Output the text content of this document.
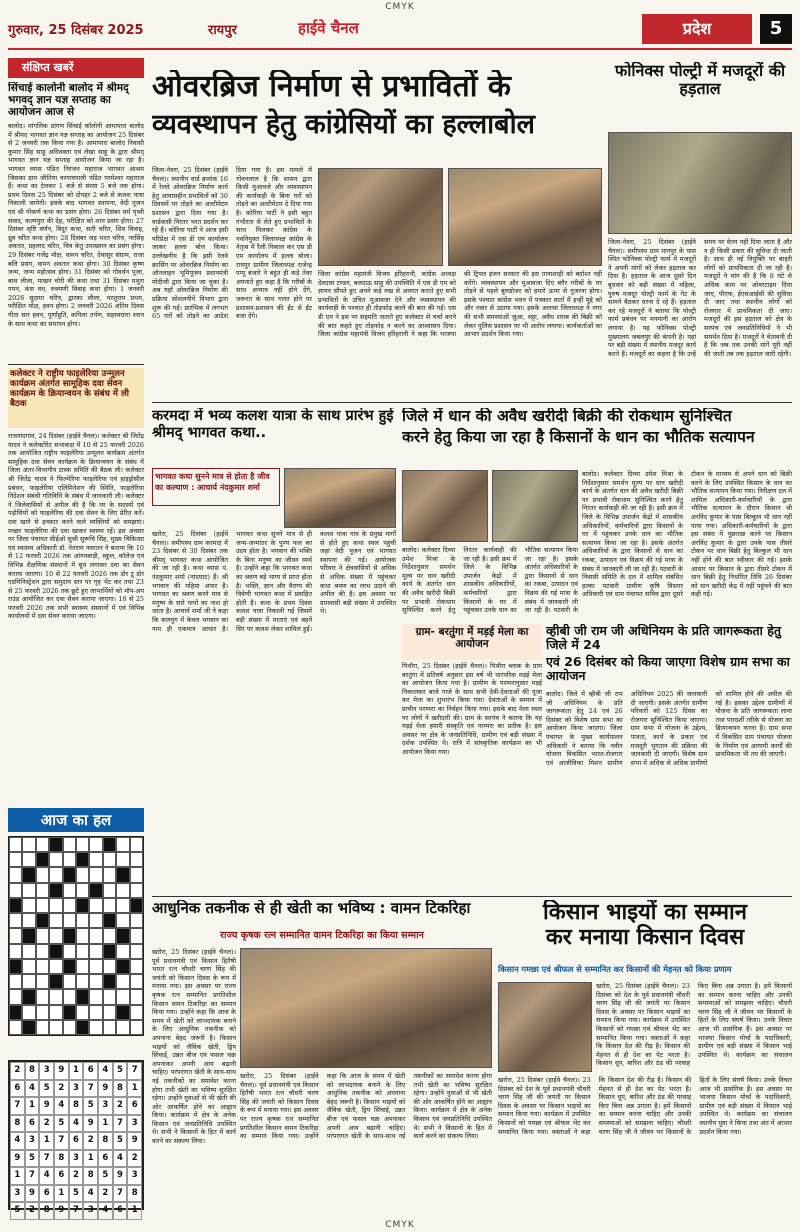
CMYK
गुरुवार, 25 दिसंबर 2025	रायपुर	हाईवे चैनल	प्रदेश	5
संक्षिप्त खबरें
सिंचाई कालोनी बालोद में श्रीमद् भगवद् ज्ञान यज्ञ सप्ताह का आयोजन आज से
बालोद। मांगलिक प्रांगण सिंचाई कॉलोनी आमापारा बालोद में श्रीमद भागवत ज्ञान यज्ञ सप्ताह का आयोजन 25 दिसंबर से 2 जनवरी तक किया गया है। आमापारा बालोद निवासी कुमार सिंह साहू अधिवक्ता एवं लेखा साहू के द्वारा श्रीमद् भागवत ज्ञान यज्ञ सप्ताह आयोजन किया जा रहा है। भागवत व्यास पंडित निरंजन महाराज भागवत आश्रम जिसका ग्राम जीतिया वरगावपाली पंडित परमेश्वर महाराज हैं। कथा का टेलकर 1 बजे से संध्या 5 बजे तक होगा। प्रथम दिवस 25 दिसंबर को दोपहर 2 बजे से कलश यात्रा निकाली जायेगी। इसके बाद भागवत स्थापना, वेदी पूजन एवं श्री गोकर्ण कथा का प्रसंग होगा। 26 दिसंबर धर्म पृथ्वी संवाद, कल्पपुरा की देह, परीक्षित को शाप प्रसंग होगा। 27 दिसंबर सृष्टि वर्णन, विदुर कथा, सती चरित, शिव विवाह, ध्रुव चरित कथा होगा। 28 दिसंबर जड़ भरत चरित्र, नरसिंह अवतार, प्रहलाद चरित, चित्र केतु उपाख्यान का प्रसंग होगा। 29 दिसंबर गजेंद्र मोक्ष, वामन चरित, देवासुर संग्राम, राजा बलि प्रसंग, वामन अवतार कथा होगा। 30 दिसंबर कृष्ण जन्म, जन्म महोत्सव होगा। 31 दिसंबर को गोवर्धन पूजा, बाल लीला, माखन चोरी की कथा तथा 31 दिसंबर मथुरा गमन, कंस वध, रुक्मणी विवाह कथा होगा। 1 जनवरी 2026 सुदामा चरित्र, द्वारका लीला, परशुराम प्रथम, परीक्षित मोक्ष, हवन होगा। 2 जनवरी 2026 अंतिम दिवस गीता सार हवन, पूर्णाहुति, कपिला तर्पण, सहस्त्रधारा स्नान के साथ कथा का समापन होगा।
कलेक्टर ने राष्ट्रीय फाइलेरिया उन्मूलन कार्यक्रम अंतर्गत सामूहिक दवा सेवन कार्यक्रम के क्रियान्वयन के संबंध में ली बैठक
राजनांदगांव, 24 दिसंबर (हाईवे चैनल)। कलेक्टर श्री जितेंद्र यादव ने कलेक्टोरेट सभाकक्ष में 10 से 25 फरवरी 2026 तक आयोजित राष्ट्रीय फाइलेरिया उन्मूलन कार्यक्रम अंतर्गत सामूहिक दवा सेवन कार्यक्रम के क्रियान्वयन के संबंध में जिला अंतर-विभागीय टास्क समिति की बैठक ली। कलेक्टर श्री जितेंद्र यादव ने फिल्मेरिया फाइलेरिया एवं हाइड्रोसील प्रबंधन, फाइलेरिया एलिमिनेशन की स्थिति, फाइलेरिया निदेशन संबंधी गतिविधि के संबंध में जानकारी ली। कलेक्टर ने जिलेवासियों से अपील की है कि घर के सदस्यों एवं पड़ोसियों को फाइलेरिया की दवा सेवन के लिए प्रेरित करें। दवा खाने से इनकार करने वाले व्यक्तियों को समझाएं। मच्छर फाइलेरिया की दवा खाकर स्वस्थ्य रहें। इस अवसर पर जिला पंचायत सीईओ सुश्री सुरूचि सिंह, मुख्य चिकित्सा एवं स्वास्थ्य अधिकारी डॉ. नेतराम नवरतन ने बताया कि 10 से 12 फरवरी 2026 तक आंगनबाड़ी, स्कूल, कॉलेज एवं विभिन्न शैक्षणिक संस्थानों में बूथ लगाकर दवा का सेवन कराया जाएगा। 10 से 22 फरवरी 2026 तक डोर टू डोर एडमिनिस्ट्रेशन द्वारा समुदाय स्तर पर गृह भेंट कर तथा 23 से 25 फरवरी 2026 तक छूटे हुए लाभार्थियों को मॉप-अप राउंड आयोजित कर दवा सेवन कराया जाएगा। 10 से 25 फरवरी 2026 तक सभी स्वास्थ्य संस्थानों में एवं विभिन्न कार्यालयों में दवा सेवन कराया जाएगा।
आज का हल
2	8	3	9	1	6	4	5	7
6	4	5	2	3	7	9	8	1
7	1	9	4	8	5	3	2	6
8	6	2	5	4	9	1	7	3
4	3	1	7	6	2	8	5	9
9	5	7	8	3	1	6	4	2
1	7	4	6	2	8	5	9	3
3	9	6	1	5	4	2	7	8
5	2	8	9	7	3	4	6	1
ओवरब्रिज निर्माण से प्रभावितों के
व्यवस्थापन हेतु कांग्रेसियों का हल्लाबोल
जिला-नेवरा, 25 दिसंबर (हाईवे चैनल)। स्थानीय वार्ड क्रमांक 16 में रेलवे ओवरब्रिज निर्माण कार्य हेतु आवासहीन प्रभावितों को 30 दिवसमें घर तोड़ने का अल्टीमेटम प्रशासन द्वारा दिया गया है। वार्डवासी निरंतर भरत प्रदर्शन कर रहे हैं। कोरिया पार्टी ने आज इसी परिप्रेक्ष में एस डी एम कार्यालय जाकर हल्ला बोल किया। उल्लेखनीय है कि इसी रेलवे क्रासिंग पर ओवरब्रिज निर्माण का ऑनलाइन भूमिपूजन प्रधानमंत्री मोदीजी द्वारा किया जा चुका है। अब यहाँ ओवरब्रिज निर्माण की प्रक्रिया सोशलनीयें विभाग द्वारा शुरू की गई। प्रारंभिक में लगभग 65 घरों को तोड़ने का आदेश दिया गया है। इस मामले में गोवनलाल है कि शासन द्वारा किसी मुआवजे और व्यवस्थापन की कार्यवाही के बिना घरों को तोड़ने का अल्टीमेटम दे दिया गया है। कोरिया पार्टी ने इसी बहुत गंभीरता से लेते हुए प्रभावितों के साथ मिलकर कांग्रेस के नवनियुक्त जिलाध्यक्ष कांग्रेस के नेतृत्व में रैली निकाल कर एस डी एम कार्यालय में हल्ला बोला। रायपुर ग्रामीण जिलाध्यक्ष राजेन्द्र पप्पू बंजारे ने बहुत ही कड़े तेवर अपनाते हुए कहा है कि गरीबों के साथ अन्याय नहीं होने देंगे, जरूरत के साथ गलत होने पर प्रशासन-प्रशासन की ईंट से ईंट बजा देंगे।
जिला कांग्रेस महामंत्री विजय हरिहरानी, कांग्रेस अध्यक्ष देवदास टण्डन, बलदाऊ साहू की उपस्थिति में एस डी एम को ज्ञापन सौंपते हुए अपने कड़े रुख से अवगत कराते हुए सभी प्रभावितों के उचित मुआवजा देने और व्यवस्थापन की कार्यवाही के पश्चात ही तोड़फोड़ करने की बात की गई। एस डी एम ने इस पर सहमति जताते हुए कलेक्टर से चर्चा करने की बात कहते हुए तोड़फोड़ न करने का आश्वासन दिया। जिला कांग्रेस महामंत्री विजय हरिहरानी ने कहा कि भाजपा की ट्रिपल इंजन सरकार की इस तानाशाही को बर्दाश्त नहीं करेंगे। व्यवस्थापन और मुआवजा दिए बगैर गरीबों के घर तोड़ने से पहले बुलडोजर को हमारे ऊपर से गुजरना होगा। इसके पश्चात कांग्रेस भवन में पत्रकार वार्ता में इन्हीं मुद्दे को और ज्वार से उठाया गया। इसके अलावा जिलाध्यक्ष ने नगर की सभी समस्याओं जुआ, सट्टा, अवैध शराब की बिक्री को लेकर पुलिस प्रशासन पर भी आरोप लगाया। कार्यकर्ताओं का आभार प्रदर्शन किया गया।
फोनिक्स पोल्ट्री में मजदूरों की हड़ताल
जिला-नेवरा, 25 दिसंबर (हाईवे चैनल)। समीपस्थ ग्राम मानपुर के पास स्थित फोनिक्स पोल्ट्री फार्म में मजदूरों ने अपनी मांगों को लेकर हड़ताल कर दिया है। हड़ताल के आज दूसरे दिन बुधवार को बड़ी संख्या में महिला, पुरुष मजदूर पोल्ट्री फार्म के गेट के सामने बैठकर धरना दे रहे हैं। हड़ताल कर रहे मजदूरों ने बताया कि पोल्ट्री फार्म प्रबंधन पर मनमानी का आरोप लगाया है। यह फोनिक्स पोल्ट्री मुख्यालय जबलपुर की कंपनी है। यहां पर बड़ी संख्या में स्थानीय मजदूर कार्य करते हैं। मजदूरों का कहना है कि उन्हें समय पर वेतन नहीं दिया जाता है और न ही किसी प्रकार की सुविधा दी जाती है। साथ ही नई नियुक्ति पर बाहरी लोगों को प्राथमिकता दी जा रही है। मजदूरों ने मांग की है कि 8 घंटे से अधिक काम पर ओवरटाइम दिया जाए, पीएफ, ईएसआईसी की सुविधा दी जाए तथा स्थानीय लोगों को रोजगार में प्राथमिकता दी जाए। मजदूरों की इस हड़ताल को क्षेत्र के सरपंच एवं जनप्रतिनिधियों ने भी समर्थन दिया है। मजदूरों ने चेतावनी दी है कि जब तक उनकी मांगें पूरी नहीं की जाती तब तक हड़ताल जारी रहेगी।
करमदा में भव्य कलश यात्रा के साथ प्रारंभ हुई श्रीमद् भागवत कथा..
भागवत कथा सुनने मात्र से होता है जीव का कल्याण : आचार्य नंदकुमार शर्मा
खरोरा, 25 दिसंबर (हाईवे चैनल)। समीपस्थ ग्राम करमदा में 23 दिसंबर से 30 दिसंबर तक श्रीमद् भागवत कथा आयोजित की जा रही है। कथा व्यास पं. नंदकुमार शर्मा (नांदघाट) हैं। श्री भगवान की महिमा अपार है। भागवत का श्रवण करने मात्र से मनुष्य के सारे पापों का नाश हो जाता है। आचार्य शर्मा जी ने कहा कि कलयुग में केवल भगवान का नाम ही एकमात्र आधार है। भागवत कथा सुनने मात्र से ही जन्म-जन्मांतर के पुण्य फल का उदय होता है। भगवान की भक्ति के बिना मनुष्य का जीवन व्यर्थ है। उन्होंने कहा कि भागवत कथा का श्रवण बड़े भाग्य से प्राप्त होता है। भक्ति, ज्ञान और वैराग्य की त्रिवेणी भागवत कथा में प्रवाहित होती है। कथा के प्रथम दिवस कलश यात्रा निकाली गई जिसमें बड़ी संख्या में माताएं एवं बहनें सिर पर कलश लेकर शामिल हुईं। कलश यात्रा गांव के प्रमुख मार्गों से होते हुए कथा स्थल पहुंची जहां वेदी पूजन एवं भागवत स्थापना की गई। आयोजक परिवार ने क्षेत्रवासियों से अधिक से अधिक संख्या में पहुंचकर कथा श्रवण का लाभ उठाने की अपील की है। इस अवसर पर ग्रामवासी बड़ी संख्या में उपस्थित थे।
जिले में धान की अवैध खरीदी बिक्री की रोकथाम सुनिश्चित
करने हेतु किया जा रहा है किसानों के धान का भौतिक सत्यापन
बालोद। कलेक्टर दिव्या उमेश मिश्रा के निर्देशानुसार समर्थन मूल्य पर धान खरीदी कार्य के अंतर्गत धान की अवैध खरीदी बिक्री पर प्रभावी रोकथाम सुनिश्चित करने हेतु निरंतर कार्यवाही की जा रही है। इसी क्रम में जिले के विभिन्न उपार्जन केंद्रों में शासकीय अधिकारियों, कर्मचारियों द्वारा किसानों के घर में पहुंचकर उनके धान का भौतिक सत्यापन किया जा रहा है। इसके अंतर्गत अधिकारियों के द्वारा किसानों से धान का रकबा, उत्पादन एवं विक्रय की गई मात्रा के संबंध में जानकारी ली जा रही है। पटवारी के
बालोद। कलेक्टर दिव्या उमेश मिश्रा के निर्देशानुसार समर्थन मूल्य पर धान खरीदी कार्य के अंतर्गत धान की अवैध खरीदी बिक्री पर प्रभावी रोकथाम सुनिश्चित करने हेतु निरंतर कार्यवाही की जा रही है। इसी क्रम में जिले के विभिन्न उपार्जन केंद्रों में शासकीय अधिकारियों, कर्मचारियों द्वारा किसानों के घर में पहुंचकर उनके धान का भौतिक सत्यापन किया जा रहा है। इसके अंतर्गत अधिकारियों के द्वारा किसानों से धान का रकबा, उत्पादन एवं विक्रय की गई मात्रा के संबंध में जानकारी ली जा रही है। पटवारी के निवासी समिति के दल में शामिल संबंधित हल्का पटवारी ग्रामीण कृषि विस्तार अधिकारी एवं ग्राम पंचायत सचिव द्वारा दूसरे टोकन के माध्यम से अपने धान को बिक्री करने के लिए उपस्थित किसान के धान का भौतिक सत्यापन किया गया। निरीक्षण दल में शामिल अधिकारी-कर्मचारियों के द्वारा भौतिक सत्यापन के दौरान किसान श्री अरविंद कुमार के पास बिल्कुल भी धान नहीं पाया गया। अधिकारी-कर्मचारियों के द्वारा इस संबंध में पूछताछ करने पर किसान अरविंद कुमार के द्वारा उनके पास तीसरे टोकन पर धान बिक्री हेतु बिल्कुल भी धान नहीं होने की बात स्वीकार की गई। इसके आधार पर किसान के द्वारा तीसरे टोकन में धान बिक्री हेतु निर्धारित तिथि 26 दिसंबर को धान खरीदी केंद्र में नहीं पहुंचने की बात कही गई।
ग्राम- बरतुंगा में मड़ई मेला का आयोजन
पिथौरा, 25 दिसंबर (हाईवे चैनल)। पिथौरा ब्लाक के ग्राम बरतुंगा में प्रतिवर्ष अनुसार इस वर्ष भी पारंपरिक मड़ई मेला का आयोजन किया गया है। ग्रामीण के परम्परानुसार मड़ई निकालकर बाजे गाजे के साथ सभी देवी-देवताओं की पूजा कर मेला का शुभारंभ किया गया। देवताओं के सम्मान में प्राचीन परम्परा का निर्वहन किया गया। इसके बाद मेला स्थल पर लोगों ने खरीदारी की। ग्राम के सरपंच ने बताया कि यह मड़ई मेला हमारी संस्कृति एवं परम्परा का प्रतीक है। इस अवसर पर क्षेत्र के जनप्रतिनिधि, ग्रामीण एवं बड़ी संख्या में दर्शक उपस्थित थे। रात्रि में सांस्कृतिक कार्यक्रम का भी आयोजन किया गया।
व्हीबी जी राम जी अधिनियम के प्रति जागरूकता हेतु जिले में 24
एवं 26 दिसंबर को किया जाएगा विशेष ग्राम सभा का आयोजन
बालोद। जिले में व्हीबी जी राम जी अधिनियम के प्रति जागरूकता हेतु 24 एवं 26 दिसंबर को विशेष ग्राम सभा का आयोजन किया जाएगा। जिला पंचायत के मुख्य कार्यपालन अधिकारी ने बताया कि नवीन योजना विकसित भारत-रोजगार एवं आजीविका मिशन ग्रामीण अधिनियम 2025 की जानकारी दी जाएगी। इसके अंतर्गत ग्रामीण परिवारों को 125 दिवस का रोजगार सुनिश्चित किया जाएगा। ग्राम सभा में योजना के उद्देश्य, पात्रता, कार्य के प्रकार एवं मजदूरी भुगतान की प्रक्रिया की जानकारी दी जाएगी। विशेष ग्राम सभा में अधिक से अधिक ग्रामीणों को शामिल होने की अपील की गई है। इसका उद्देश्य ग्रामीणों में योजना के प्रति जागरूकता लाना तथा पारदर्शी तरीके से योजना का क्रियान्वयन करना है। ग्राम सभा में विकसित ग्राम पंचायत योजना के निर्माण एवं आगामी कार्यों की प्राथमिकता भी तय की जाएगी।
आधुनिक तकनीक से ही खेती का भविष्य : वामन टिकरिहा
राज्य कृषक रत्न सम्मानित वामन टिकरिहा का किया सम्मान
खरोरा, 25 दिसंबर (हाईवे चैनल)। पूर्व प्रधानमंत्री एवं किसान हितैषी भारत रत्न चौधरी चरण सिंह की जयंती को किसान दिवस के रूप में मनाया गया। इस अवसर पर राज्य कृषक रत्न सम्मानित प्रगतिशील किसान वामन टिकरिहा का सम्मान किया गया। उन्होंने कहा कि आज के समय में खेती को लाभदायक बनाने के लिए आधुनिक तकनीक को अपनाना बेहद जरूरी है। किसान भाइयों को जैविक खेती, ड्रिप सिंचाई, उन्नत बीज एवं फसल चक्र अपनाकर अपनी आय बढ़ानी चाहिए। परंपरागत खेती के साथ-साथ नई तकनीकों का समावेश करना होगा तभी खेती का भविष्य सुरक्षित रहेगा। उन्होंने युवाओं से भी खेती की ओर आकर्षित होने का आह्वान किया। कार्यक्रम में क्षेत्र के अनेक किसान एवं जनप्रतिनिधि उपस्थित थे। सभी ने किसानों के हित में कार्य करने का संकल्प लिया।
खरोरा, 25 दिसंबर (हाईवे चैनल)। पूर्व प्रधानमंत्री एवं किसान हितैषी भारत रत्न चौधरी चरण सिंह की जयंती को किसान दिवस के रूप में मनाया गया। इस अवसर पर राज्य कृषक रत्न सम्मानित प्रगतिशील किसान वामन टिकरिहा का सम्मान किया गया। उन्होंने कहा कि आज के समय में खेती को लाभदायक बनाने के लिए आधुनिक तकनीक को अपनाना बेहद जरूरी है। किसान भाइयों को जैविक खेती, ड्रिप सिंचाई, उन्नत बीज एवं फसल चक्र अपनाकर अपनी आय बढ़ानी चाहिए। परंपरागत खेती के साथ-साथ नई तकनीकों का समावेश करना होगा तभी खेती का भविष्य सुरक्षित रहेगा। उन्होंने युवाओं से भी खेती की ओर आकर्षित होने का आह्वान किया। कार्यक्रम में क्षेत्र के अनेक किसान एवं जनप्रतिनिधि उपस्थित थे। सभी ने किसानों के हित में कार्य करने का संकल्प लिया।
किसान भाइयों का सम्मान
कर मनाया किसान दिवस
किसान गमछा एवं श्रीफल से सम्मानित कर किसानों की मेहनत को किया प्रणाम
खरोरा, 25 दिसंबर (हाईवे चैनल)। 23 दिसंबर को देश के पूर्व प्रधानमंत्री चौधरी चरण सिंह जी की जयंती पर किसान दिवस के अवसर पर किसान भाइयों का सम्मान किया गया। कार्यक्रम में उपस्थित किसानों को गमछा एवं श्रीफल भेंट कर सम्मानित किया गया। वक्ताओं ने कहा कि किसान देश की रीढ़ है। किसान की मेहनत से ही देश का पेट भरता है। किसान धूप, बारिश और ठंड की परवाह किए बिना अन्न उगाता है। हमें किसानों का सम्मान करना चाहिए और उनकी समस्याओं को समझना चाहिए। चौधरी चरण सिंह जी ने जीवन भर किसानों के हितों के लिए संघर्ष किया। उनके विचार आज भी प्रासंगिक हैं। इस अवसर पर भाजपा किसान मोर्चा के पदाधिकारी, ग्रामीण एवं बड़ी संख्या में किसान भाई उपस्थित थे। कार्यक्रम का संचालन
खरोरा, 25 दिसंबर (हाईवे चैनल)। 23 दिसंबर को देश के पूर्व प्रधानमंत्री चौधरी चरण सिंह जी की जयंती पर किसान दिवस के अवसर पर किसान भाइयों का सम्मान किया गया। कार्यक्रम में उपस्थित किसानों को गमछा एवं श्रीफल भेंट कर सम्मानित किया गया। वक्ताओं ने कहा कि किसान देश की रीढ़ है। किसान की मेहनत से ही देश का पेट भरता है। किसान धूप, बारिश और ठंड की परवाह किए बिना अन्न उगाता है। हमें किसानों का सम्मान करना चाहिए और उनकी समस्याओं को समझना चाहिए। चौधरी चरण सिंह जी ने जीवन भर किसानों के हितों के लिए संघर्ष किया। उनके विचार आज भी प्रासंगिक हैं। इस अवसर पर भाजपा किसान मोर्चा के पदाधिकारी, ग्रामीण एवं बड़ी संख्या में किसान भाई उपस्थित थे। कार्यक्रम का संचालन स्थानीय युवा ने किया तथा अंत में आभार प्रदर्शन किया गया।
CMYK
